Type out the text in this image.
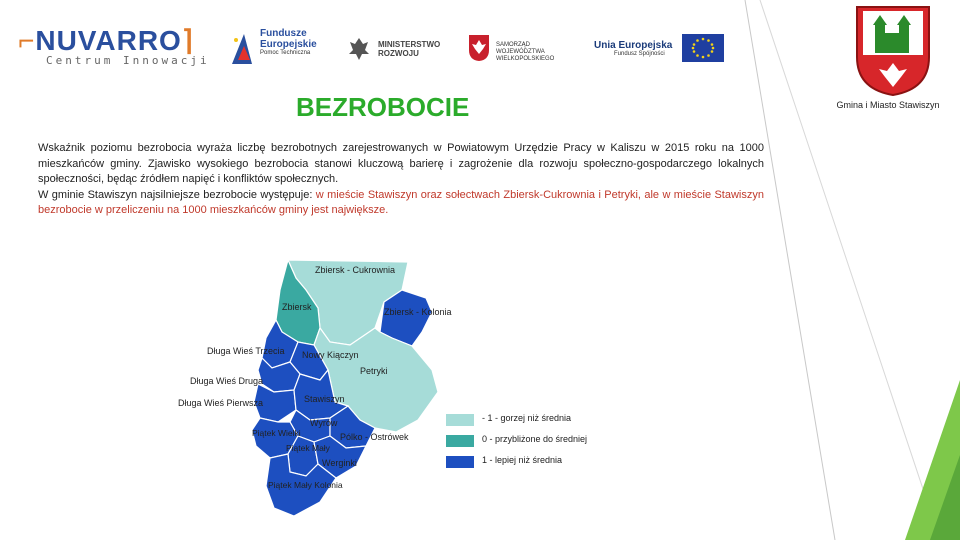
⌐NUVARRO⌉
Centrum Innowacji
Fundusze
Europejskie
Pomoc Techniczna
MINISTERSTWO
ROZWOJU
SAMORZĄD WOJEWÓDZTWA
WIELKOPOLSKIEGO
Unia Europejska
Fundusz Spójności
Gmina i Miasto Stawiszyn
BEZROBOCIE
Wskaźnik poziomu bezrobocia wyraża liczbę bezrobotnych zarejestrowanych w Powiatowym Urzędzie Pracy w Kaliszu w 2015 roku na 1000 mieszkańców gminy. Zjawisko wysokiego bezrobocia stanowi kluczową barierę i zagrożenie dla rozwoju społeczno-gospodarczego lokalnych społeczności, będąc źródłem napięć i konfliktów społecznych.
W gminie Stawiszyn najsilniejsze bezrobocie występuje: w mieście Stawiszyn oraz sołectwach Zbiersk-Cukrownia i Petryki, ale w mieście Stawiszyn bezrobocie w przeliczeniu na 1000 mieszkańców gminy jest największe.
Zbiersk - Cukrownia
Zbiersk	Zbiersk - Kolonia
Długa Wieś Trzecia Nowy Kiączyn
Petryki
Długa Wieś Druga
Długa Wieś Pierwsza	Stawiszyn
Wyrów
Pólko - Ostrówek
Piątek Wielki
Piątek Mały
Werginki
Piątek Mały Kolonia
- 1 - gorzej niż średnia
0 - przybliżone do średniej
1 - lepiej niż średnia
